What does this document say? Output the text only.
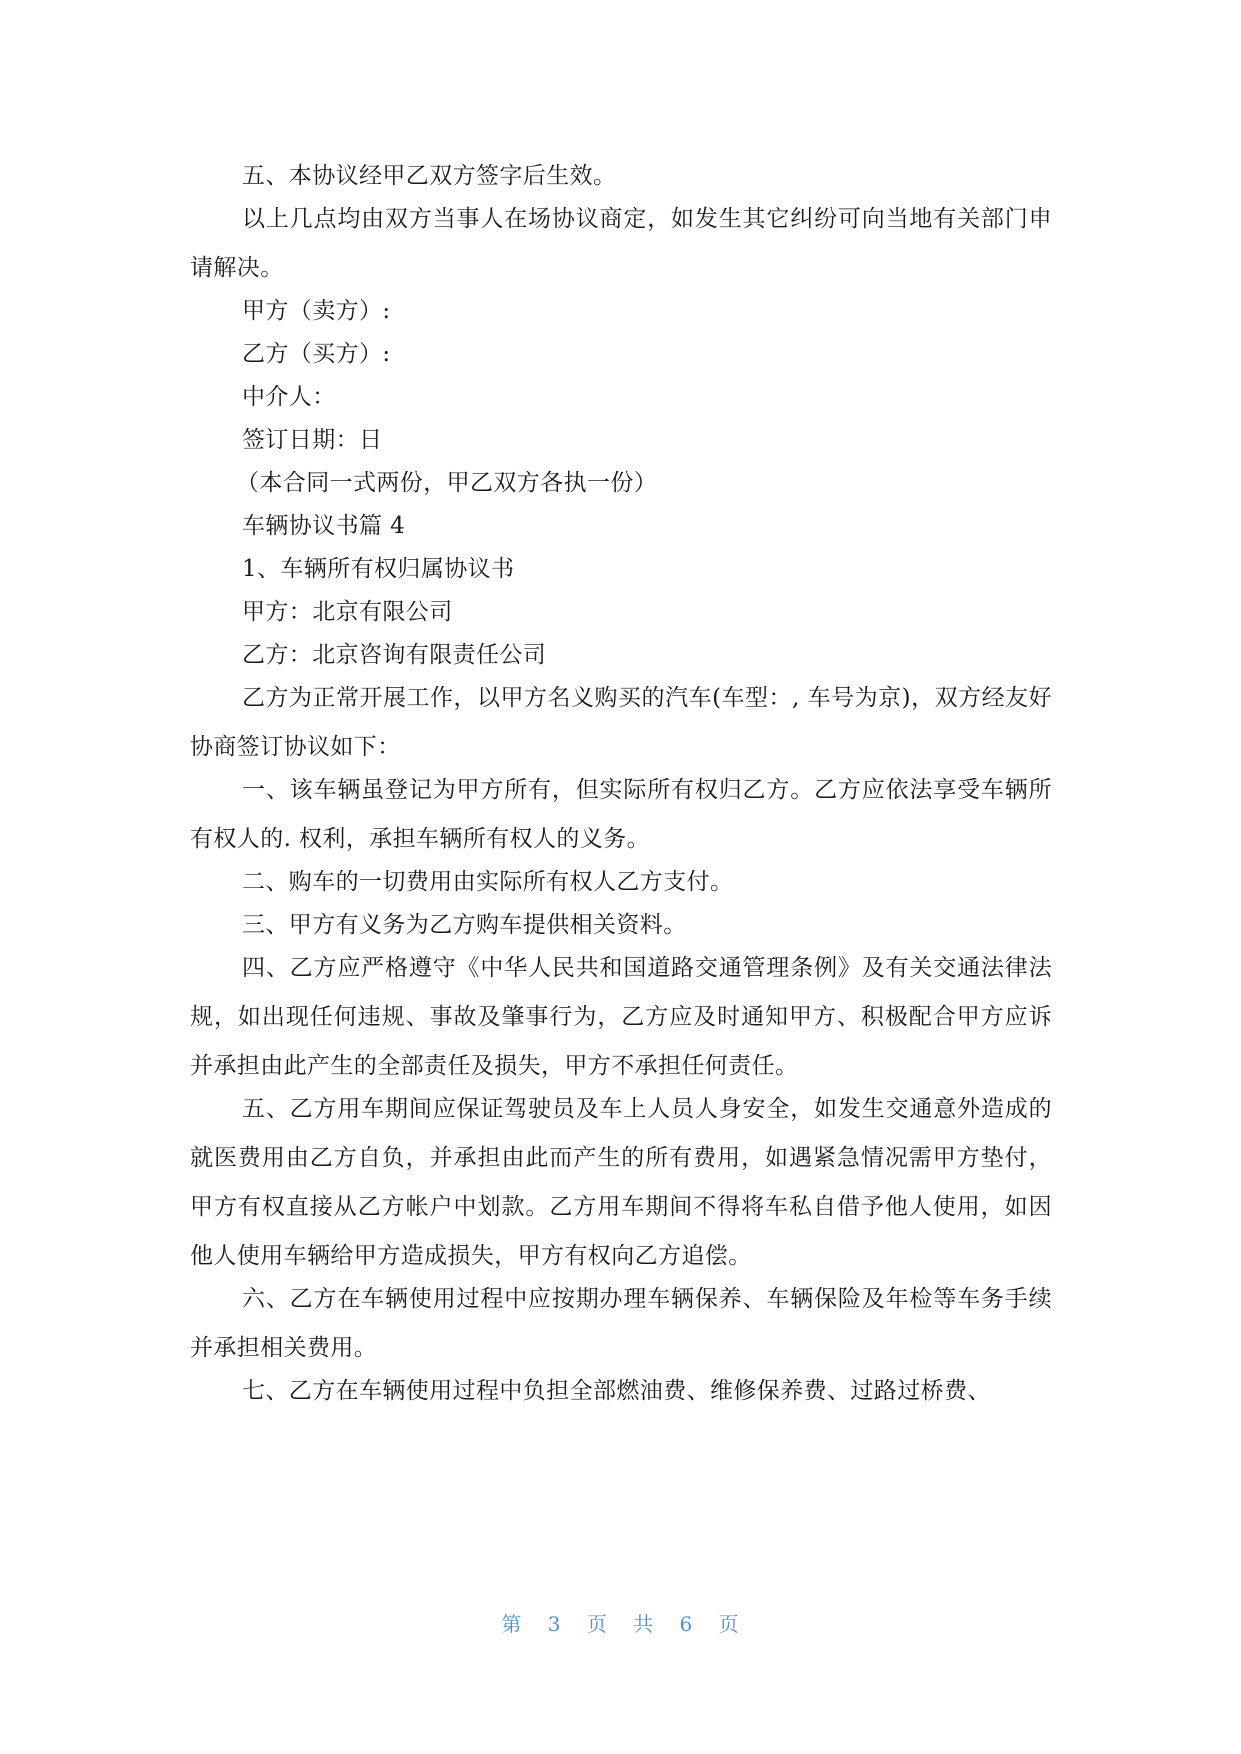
五、本协议经甲乙双方签字后生效。

以上几点均由双方当事人在场协议商定，如发生其它纠纷可向当地有关部门申请解决。

甲方（卖方）:

乙方（买方）:

中介人：

签订日期：日

（本合同一式两份，甲乙双方各执一份）

车辆协议书篇 4

1、车辆所有权归属协议书

甲方：北京有限公司

乙方：北京咨询有限责任公司

乙方为正常开展工作，以甲方名义购买的汽车(车型：, 车号为京)，双方经友好协商签订协议如下：

一、该车辆虽登记为甲方所有，但实际所有权归乙方。乙方应依法享受车辆所有权人的. 权利，承担车辆所有权人的义务。

二、购车的一切费用由实际所有权人乙方支付。

三、甲方有义务为乙方购车提供相关资料。

四、乙方应严格遵守《中华人民共和国道路交通管理条例》及有关交通法律法规，如出现任何违规、事故及肇事行为，乙方应及时通知甲方、积极配合甲方应诉并承担由此产生的全部责任及损失，甲方不承担任何责任。

五、乙方用车期间应保证驾驶员及车上人员人身安全，如发生交通意外造成的就医费用由乙方自负，并承担由此而产生的所有费用，如遇紧急情况需甲方垫付，甲方有权直接从乙方帐户中划款。乙方用车期间不得将车私自借予他人使用，如因他人使用车辆给甲方造成损失，甲方有权向乙方追偿。

六、乙方在车辆使用过程中应按期办理车辆保养、车辆保险及年检等车务手续并承担相关费用。

七、乙方在车辆使用过程中负担全部燃油费、维修保养费、过路过桥费、

第 3 页 共 6 页
